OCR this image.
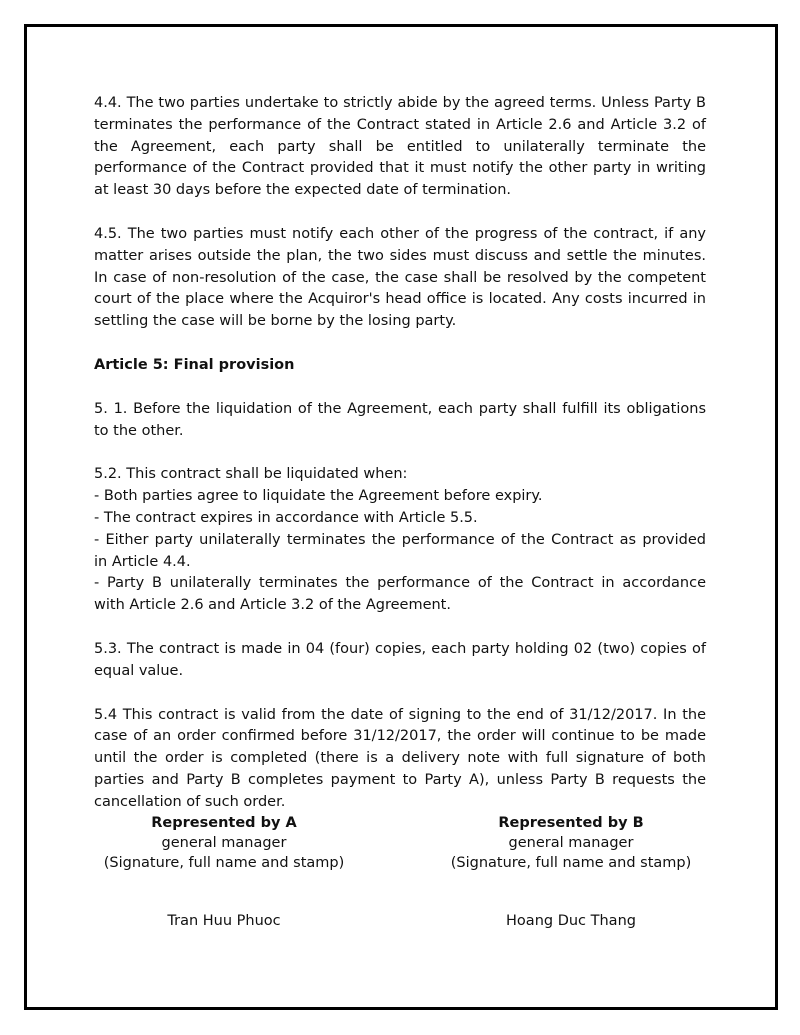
4.4. The two parties undertake to strictly abide by the agreed terms. Unless Party B terminates the performance of the Contract stated in Article 2.6 and Article 3.2 of the Agreement, each party shall be entitled to unilaterally terminate the performance of the Contract provided that it must notify the other party in writing at least 30 days before the expected date of termination.

4.5. The two parties must notify each other of the progress of the contract, if any matter arises outside the plan, the two sides must discuss and settle the minutes. In case of non-resolution of the case, the case shall be resolved by the competent court of the place where the Acquiror's head office is located. Any costs incurred in settling the case will be borne by the losing party.

Article 5: Final provision

5. 1. Before the liquidation of the Agreement, each party shall fulfill its obligations to the other.

5.2. This contract shall be liquidated when:

- Both parties agree to liquidate the Agreement before expiry.

- The contract expires in accordance with Article 5.5.

- Either party unilaterally terminates the performance of the Contract as provided in Article 4.4.

- Party B unilaterally terminates the performance of the Contract in accordance with Article 2.6 and Article 3.2 of the Agreement.

5.3. The contract is made in 04 (four) copies, each party holding 02 (two) copies of equal value.

5.4 This contract is valid from the date of signing to the end of 31/12/2017. In the case of an order confirmed before 31/12/2017, the order will continue to be made until the order is completed (there is a delivery note with full signature of both parties and Party B completes payment to Party A), unless Party B requests the cancellation of such order.

Represented by A
general manager
(Signature, full name and stamp)
Tran Huu Phuoc
Represented by B
general manager
(Signature, full name and stamp)
Hoang Duc Thang
